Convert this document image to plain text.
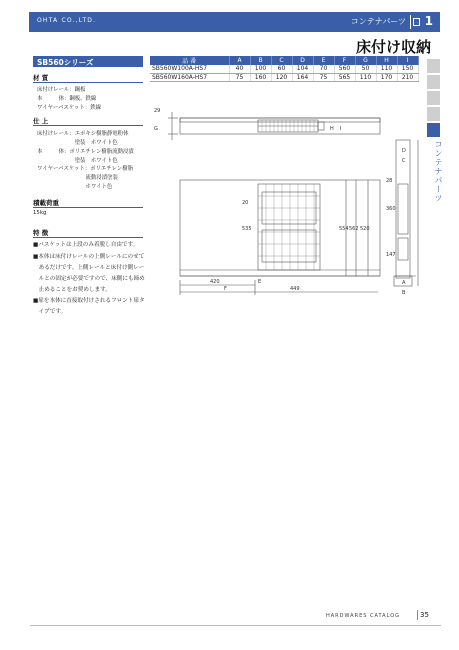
OHTA CO.,LTD.	コンテナパーツ 1
床付け収納
コンテナパーツ
SB560シリーズ	品 番	A	B	C	D	E	F	G	H	I
SB560W100A-HS7	40	100	60	104	70	560	50	110	150
SB560W160A-HS7	75	160	120	164	75	565	110	170	210
材 質
床付けレール：鋼板
本　　　体：鋼板、鉄線
ワイヤーバスケット：鉄線
仕 上
床付けレール：エポキシ樹脂静電粉体
　　　　　　　塗装　ホワイト色
本　　　体：ポリエチレン樹脂流動浸漬
　　　　　　　塗装　ホワイト色
ワイヤーバスケット：ポリエチレン樹脂
　　　　　　　　　流動浸漬塗装
　　　　　　　　　ホワイト色
積載荷重
15kg
特 徴
■バスケットは上段のみ着脱し自由です。
■本体は床付けレールの上側レールにのせて
　あるだけです。上側レールと床付け側レー
　ルとの固定が必要ですので、床側にも締め
　止めることをお奨めします。
■扉を本体に直接取付けされるフロント扉タ
　イプです。
29
G	H I
D
C
28
20
535	554 562 520
360
147
420	E
F	449
A
B
HARDWARES CATALOG	35
